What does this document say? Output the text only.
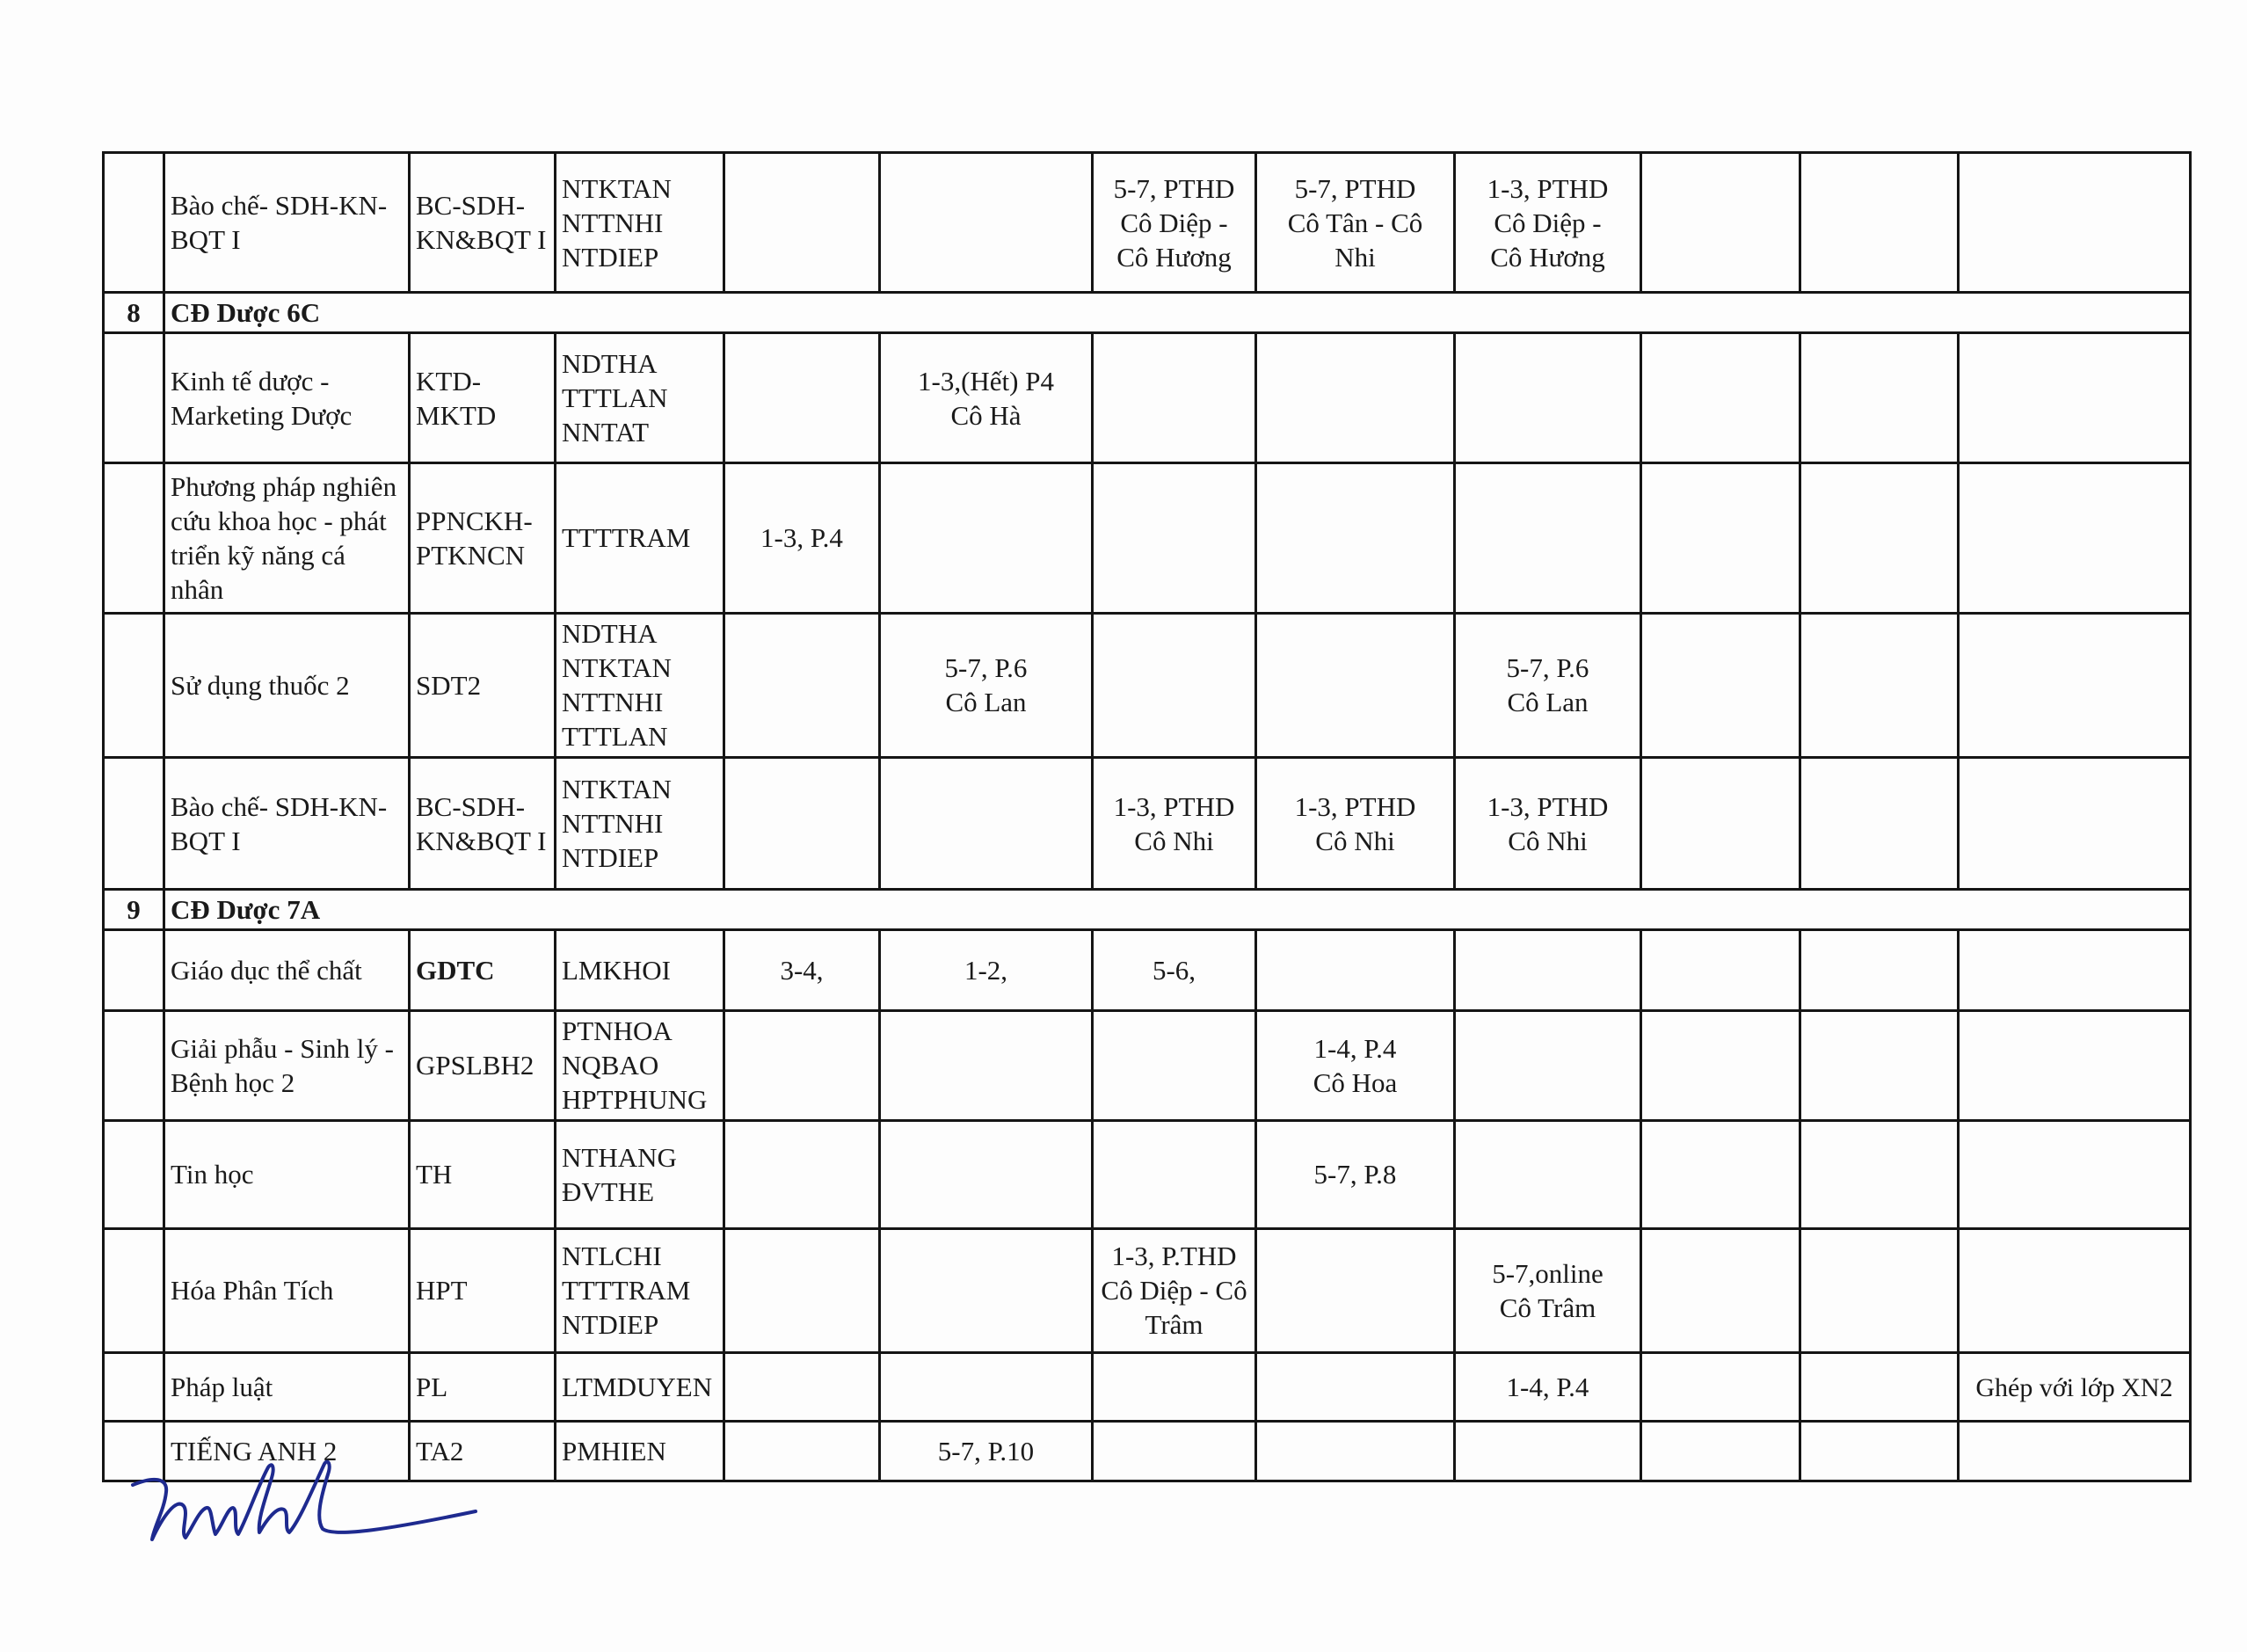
	Bào chế- SDH-KN-BQT I	BC-SDH-KN&BQT I	NTKTAN
NTTNHI
NTDIEP			5-7, PTHD
Cô Diệp -
Cô Hương	5-7, PTHD
Cô Tân - Cô
Nhi	1-3, PTHD
Cô Diệp -
Cô Hương			

8	CĐ Dược 6C										

	Kinh tế dược - Marketing Dược	KTD-MKTD	NDTHA
TTTLAN
NNTAT		1-3,(Hết) P4
Cô Hà						

	Phương pháp nghiên cứu khoa học - phát triển kỹ năng cá nhân	PPNCKH-PTKNCN	TTTTRAM	1-3, P.4							

	Sử dụng thuốc 2	SDT2	NDTHA
NTKTAN
NTTNHI
TTTLAN		5-7, P.6
Cô Lan			5-7, P.6
Cô Lan			

	Bào chế- SDH-KN-BQT I	BC-SDH-KN&BQT I	NTKTAN
NTTNHI
NTDIEP			1-3, PTHD
Cô Nhi	1-3, PTHD
Cô Nhi	1-3, PTHD
Cô Nhi			

9	CĐ Dược 7A										

	Giáo dục thể chất	GDTC	LMKHOI	3-4,	1-2,	5-6,					

	Giải phẫu - Sinh lý - Bệnh học 2	GPSLBH2	PTNHOA
NQBAO
HPTPHUNG				1-4, P.4
Cô Hoa				

	Tin học	TH	NTHANG
ĐVTHE				5-7, P.8				

	Hóa Phân Tích	HPT	NTLCHI
TTTTRAM
NTDIEP			1-3, P.THD
Cô Diệp - Cô
Trâm		5-7,online
Cô Trâm			

	Pháp luật	PL	LTMDUYEN					1-4, P.4			Ghép với lớp XN2

	TIẾNG ANH 2	TA2	PMHIEN		5-7, P.10						
